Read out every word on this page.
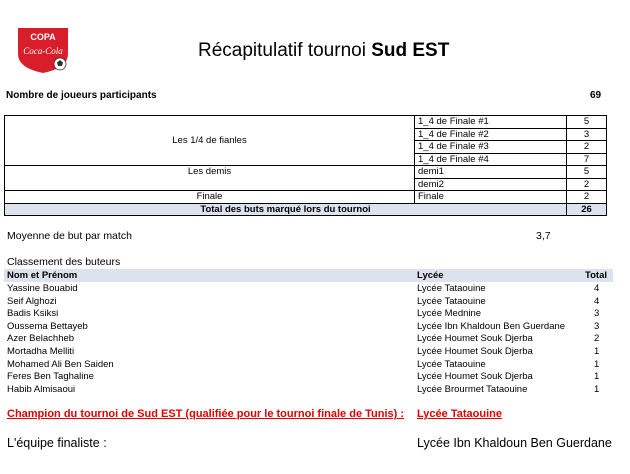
COPA
Coca-Cola	Récapitulatif tournoi Sud EST
Nombre de joueurs participants	69
Les 1/4 de fianles	1_4 de Finale #1	5
	1_4 de Finale #2	3
	1_4 de Finale #3	2
	1_4 de Finale #4	7
Les demis	demi1	5
	demi2	2
Finale	Finale	2
Total des buts marqué lors du tournoi		26
Moyenne de but par match	3,7
Classement des buteurs
Nom et Prénom	Lycée	Total
Yassine Bouabid	Lycée Tataouine	4
Seif Alghozi	Lycée Tataouine	4
Badis Ksiksi	Lycée Mednine	3
Oussema Bettayeb	Lycée Ibn Khaldoun Ben Guerdane	3
Azer Belachheb	Lycée Houmet Souk Djerba	2
Mortadha Melliti	Lycée Houmet Souk Djerba	1
Mohamed Ali Ben Saiden	Lycée Tataouine	1
Feres Ben Taghaline	Lycée Houmet Souk Djerba	1
Habib Almisaoui	Lycée Brourmet Tataouine	1
Champion du tournoi de Sud EST (qualifiée pour le tournoi finale de Tunis) : Lycée Tataouine
L'équipe finaliste :	Lycée Ibn Khaldoun Ben Guerdane
